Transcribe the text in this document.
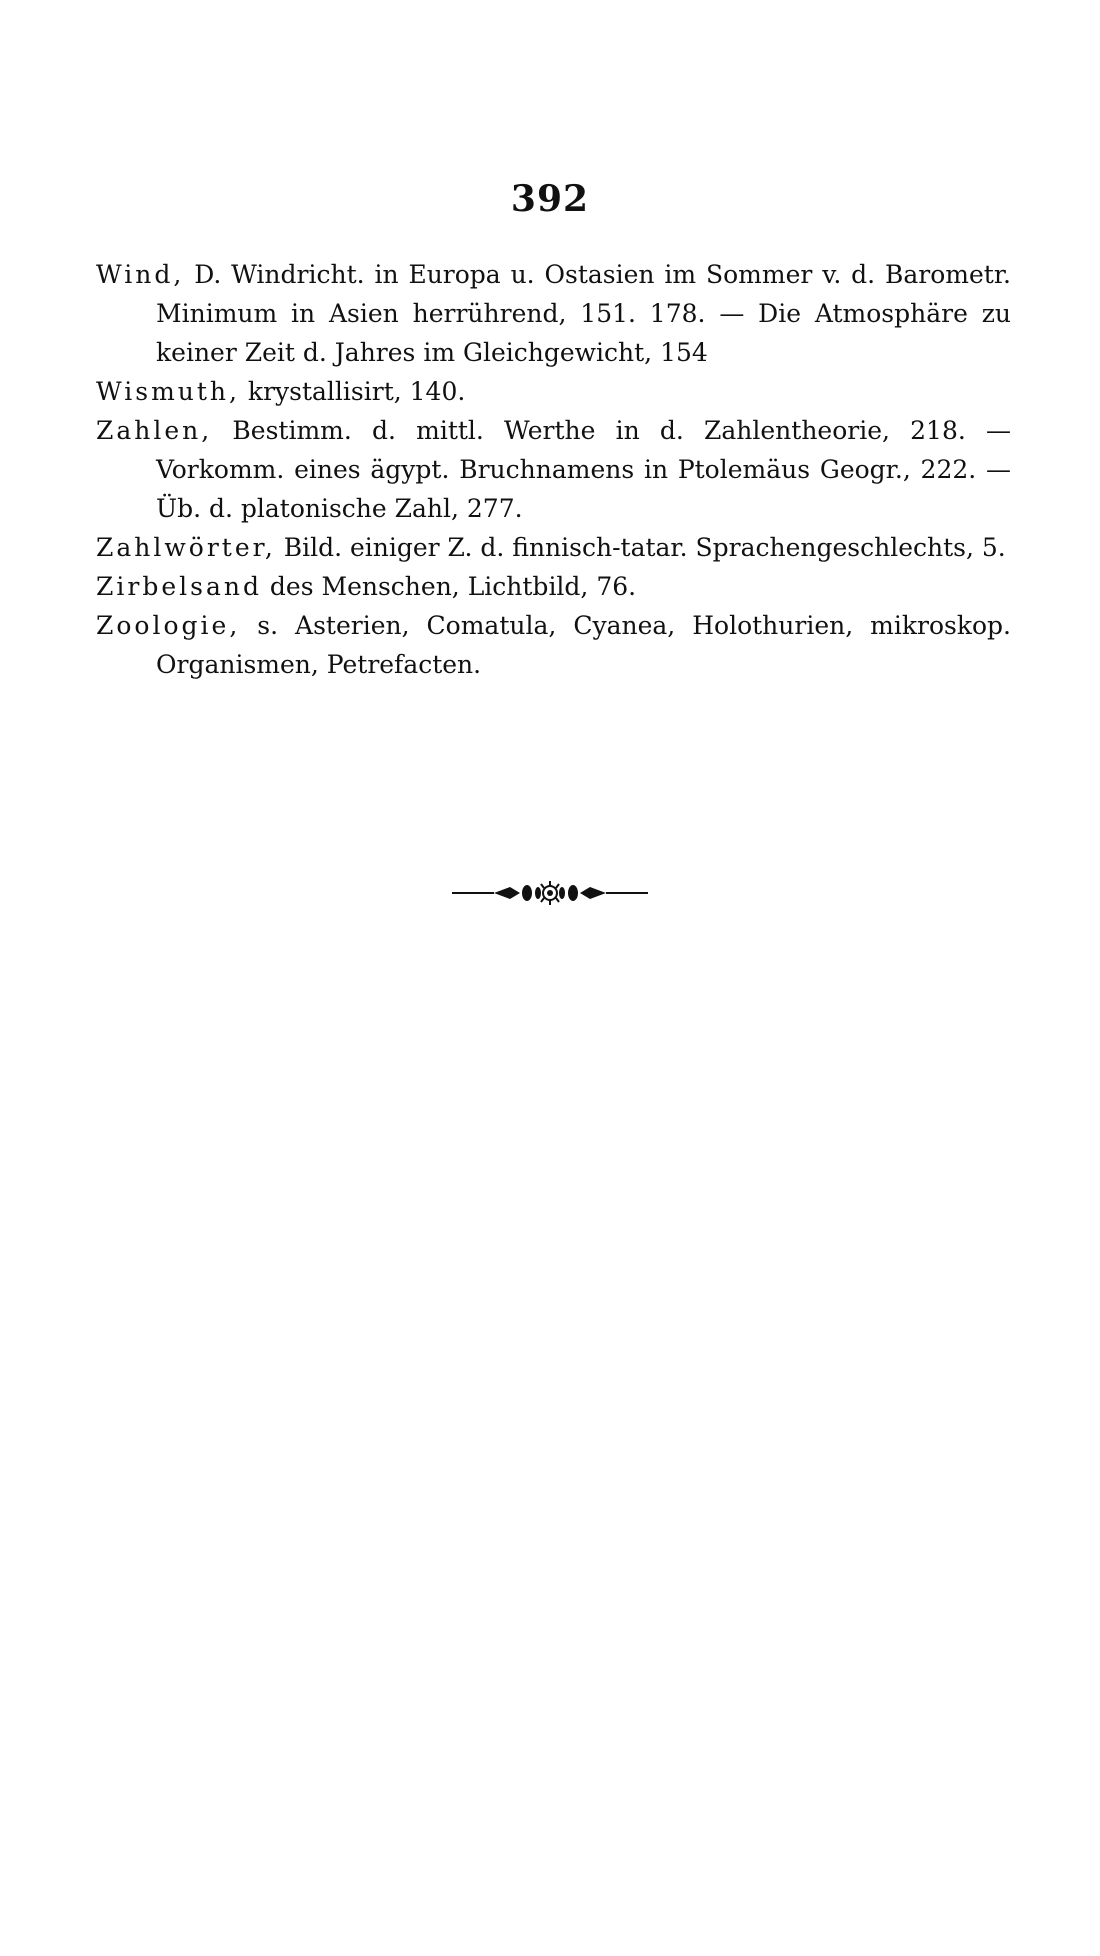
392

Wind, D. Windricht. in Europa u. Ostasien im Sommer v. d. Barometr. Minimum in Asien herrührend, 151. 178. — Die Atmosphäre zu keiner Zeit d. Jahres im Gleichgewicht, 154

Wismuth, krystallisirt, 140.

Zahlen, Bestimm. d. mittl. Werthe in d. Zahlentheorie, 218. — Vorkomm. eines ägypt. Bruchnamens in Ptolemäus Geogr., 222. — Üb. d. platonische Zahl, 277.

Zahlwörter, Bild. einiger Z. d. finnisch-tatar. Sprachengeschlechts, 5.

Zirbelsand des Menschen, Lichtbild, 76.

Zoologie, s. Asterien, Comatula, Cyanea, Holothurien, mikroskop. Organismen, Petrefacten.
